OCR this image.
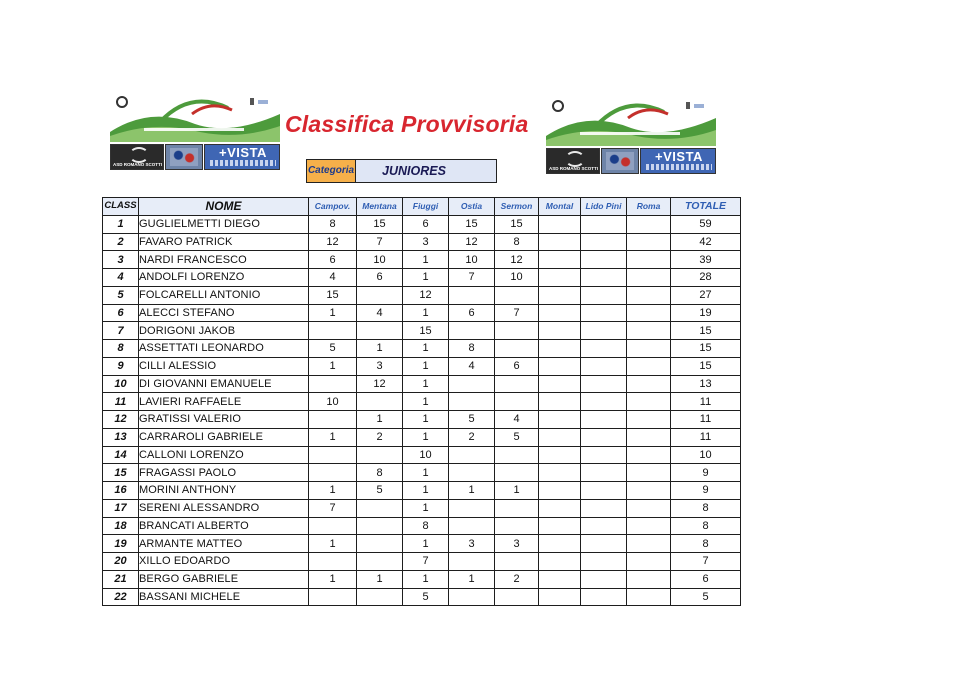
ASD ROMANO SCOTTI
+VISTA
ASD ROMANO SCOTTI
+VISTA
Classifica Provvisoria
Categoria	JUNIORES
CLASS	NOME	Campov.	Mentana	Fiuggi	Ostia	Sermon	Montal	Lido Pini	Roma	TOTALE
1	GUGLIELMETTI DIEGO	8	15	6	15	15				59
2	FAVARO PATRICK	12	7	3	12	8				42
3	NARDI FRANCESCO	6	10	1	10	12				39
4	ANDOLFI LORENZO	4	6	1	7	10				28
5	FOLCARELLI ANTONIO	15		12						27
6	ALECCI STEFANO	1	4	1	6	7				19
7	DORIGONI JAKOB			15						15
8	ASSETTATI LEONARDO	5	1	1	8					15
9	CILLI ALESSIO	1	3	1	4	6				15
10	DI GIOVANNI EMANUELE		12	1						13
11	LAVIERI RAFFAELE	10		1						11
12	GRATISSI VALERIO		1	1	5	4				11
13	CARRAROLI GABRIELE	1	2	1	2	5				11
14	CALLONI LORENZO			10						10
15	FRAGASSI PAOLO		8	1						9
16	MORINI ANTHONY	1	5	1	1	1				9
17	SERENI ALESSANDRO	7		1						8
18	BRANCATI ALBERTO			8						8
19	ARMANTE MATTEO	1		1	3	3				8
20	XILLO EDOARDO			7						7
21	BERGO GABRIELE	1	1	1	1	2				6
22	BASSANI MICHELE			5						5
